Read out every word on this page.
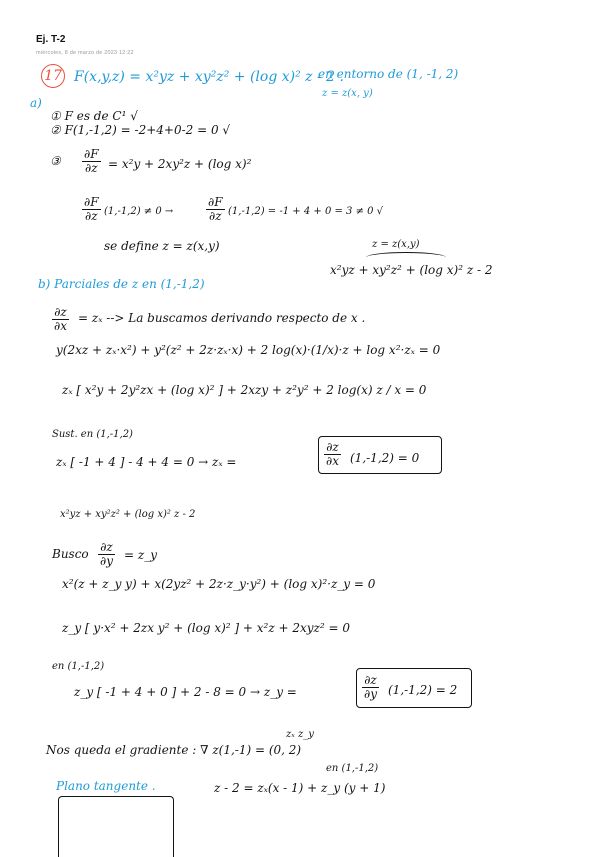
Ej. T-2
miércoles, 8 de marzo de 2023 12:22
17 F(x,y,z) = x²yz + xy²z² + (log x)² z - 2 .
en entorno de (1, -1, 2)
z = z(x, y)
a)
① F es de C¹ √
② F(1,-1,2) = -2+4+0-2 = 0 √
③ $\frac{\partial F}{\partial z} = x^2y + 2xy^2z + (\log$ x)²
$\frac{\partial F}{\partial z} (1,-1,2) \ne 0$ →	$\frac{\partial F}{\partial z} (1,-1,2) = -1 + 4 + 0 = 3 \ne 0$ √
se define z = z(x,y)	z = z(x,y)
x²yz + xy²z² + (log x)² z - 2
b) Parciales de z en (1,-1,2)
$\frac{\partial z}{\partial x} = z_x$ --> La buscamos derivando respecto de x .
y(2xz + zₓ·x²) + y²(z² + 2z·zₓ·x) + 2 log(x)·(1/x)·z + log x²·zₓ = 0
zₓ [ x²y + 2y²zx + (log x)² ] + 2xzy + z²y² + 2 log(x) z / x = 0
Sust. en (1,-1,2)
zₓ [ -1 + 4 ] - 4 + 4 = 0 → zₓ =	$\frac{\partial z}{\partial x} (1,-1,2) = 0$
x²yz + xy²z² + (log x)² z - 2
Busco $\frac{\partial z}{\partial y}$ = z_y
x²(z + z_y y) + x(2yz² + 2z·z_y·y²) + (log x)²·z_y = 0
z_y [ y·x² + 2zx y² + (log x)² ] + x²z + 2xyz² = 0
en (1,-1,2)
z_y [ -1 + 4 + 0 ] + 2 - 8 = 0 → z_y =	$\frac{\partial z}{\partial y} (1,-1,2) = 2$
zₓ z_y
Nos queda el gradiente : ∇ z(1,-1) = (0, 2)
en (1,-1,2)
Plano tangente .	z - 2 = zₓ(x - 1) + z_y (y + 1)
